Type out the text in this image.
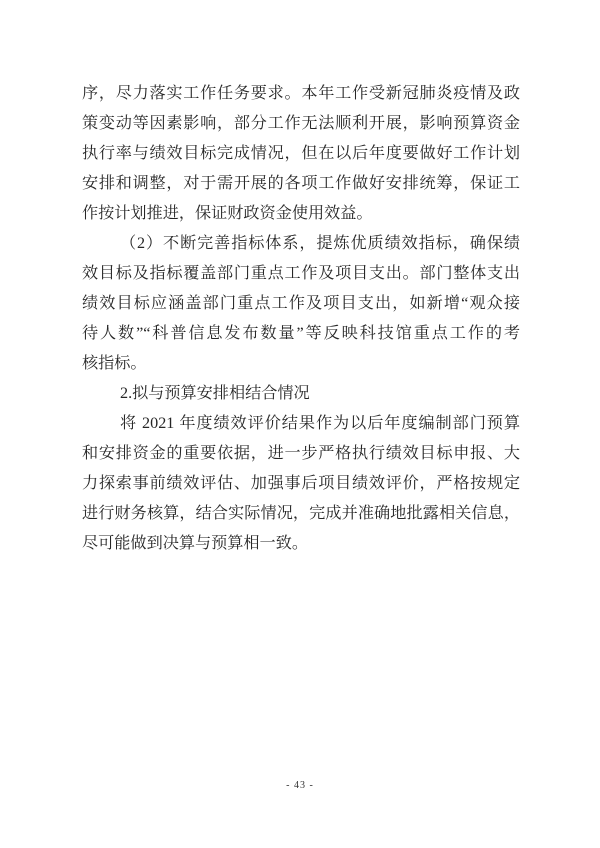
序，尽力落实工作任务要求。本年工作受新冠肺炎疫情及政
策变动等因素影响，部分工作无法顺利开展，影响预算资金
执行率与绩效目标完成情况，但在以后年度要做好工作计划
安排和调整，对于需开展的各项工作做好安排统筹，保证工
作按计划推进，保证财政资金使用效益。
（2）不断完善指标体系，提炼优质绩效指标，确保绩
效目标及指标覆盖部门重点工作及项目支出。部门整体支出
绩效目标应涵盖部门重点工作及项目支出，如新增“观众接
待人数”“科普信息发布数量”等反映科技馆重点工作的考
核指标。
2.拟与预算安排相结合情况
将 2021 年度绩效评价结果作为以后年度编制部门预算
和安排资金的重要依据，进一步严格执行绩效目标申报、大
力探索事前绩效评估、加强事后项目绩效评价，严格按规定
进行财务核算，结合实际情况，完成并准确地批露相关信息，
尽可能做到决算与预算相一致。
- 43 -
